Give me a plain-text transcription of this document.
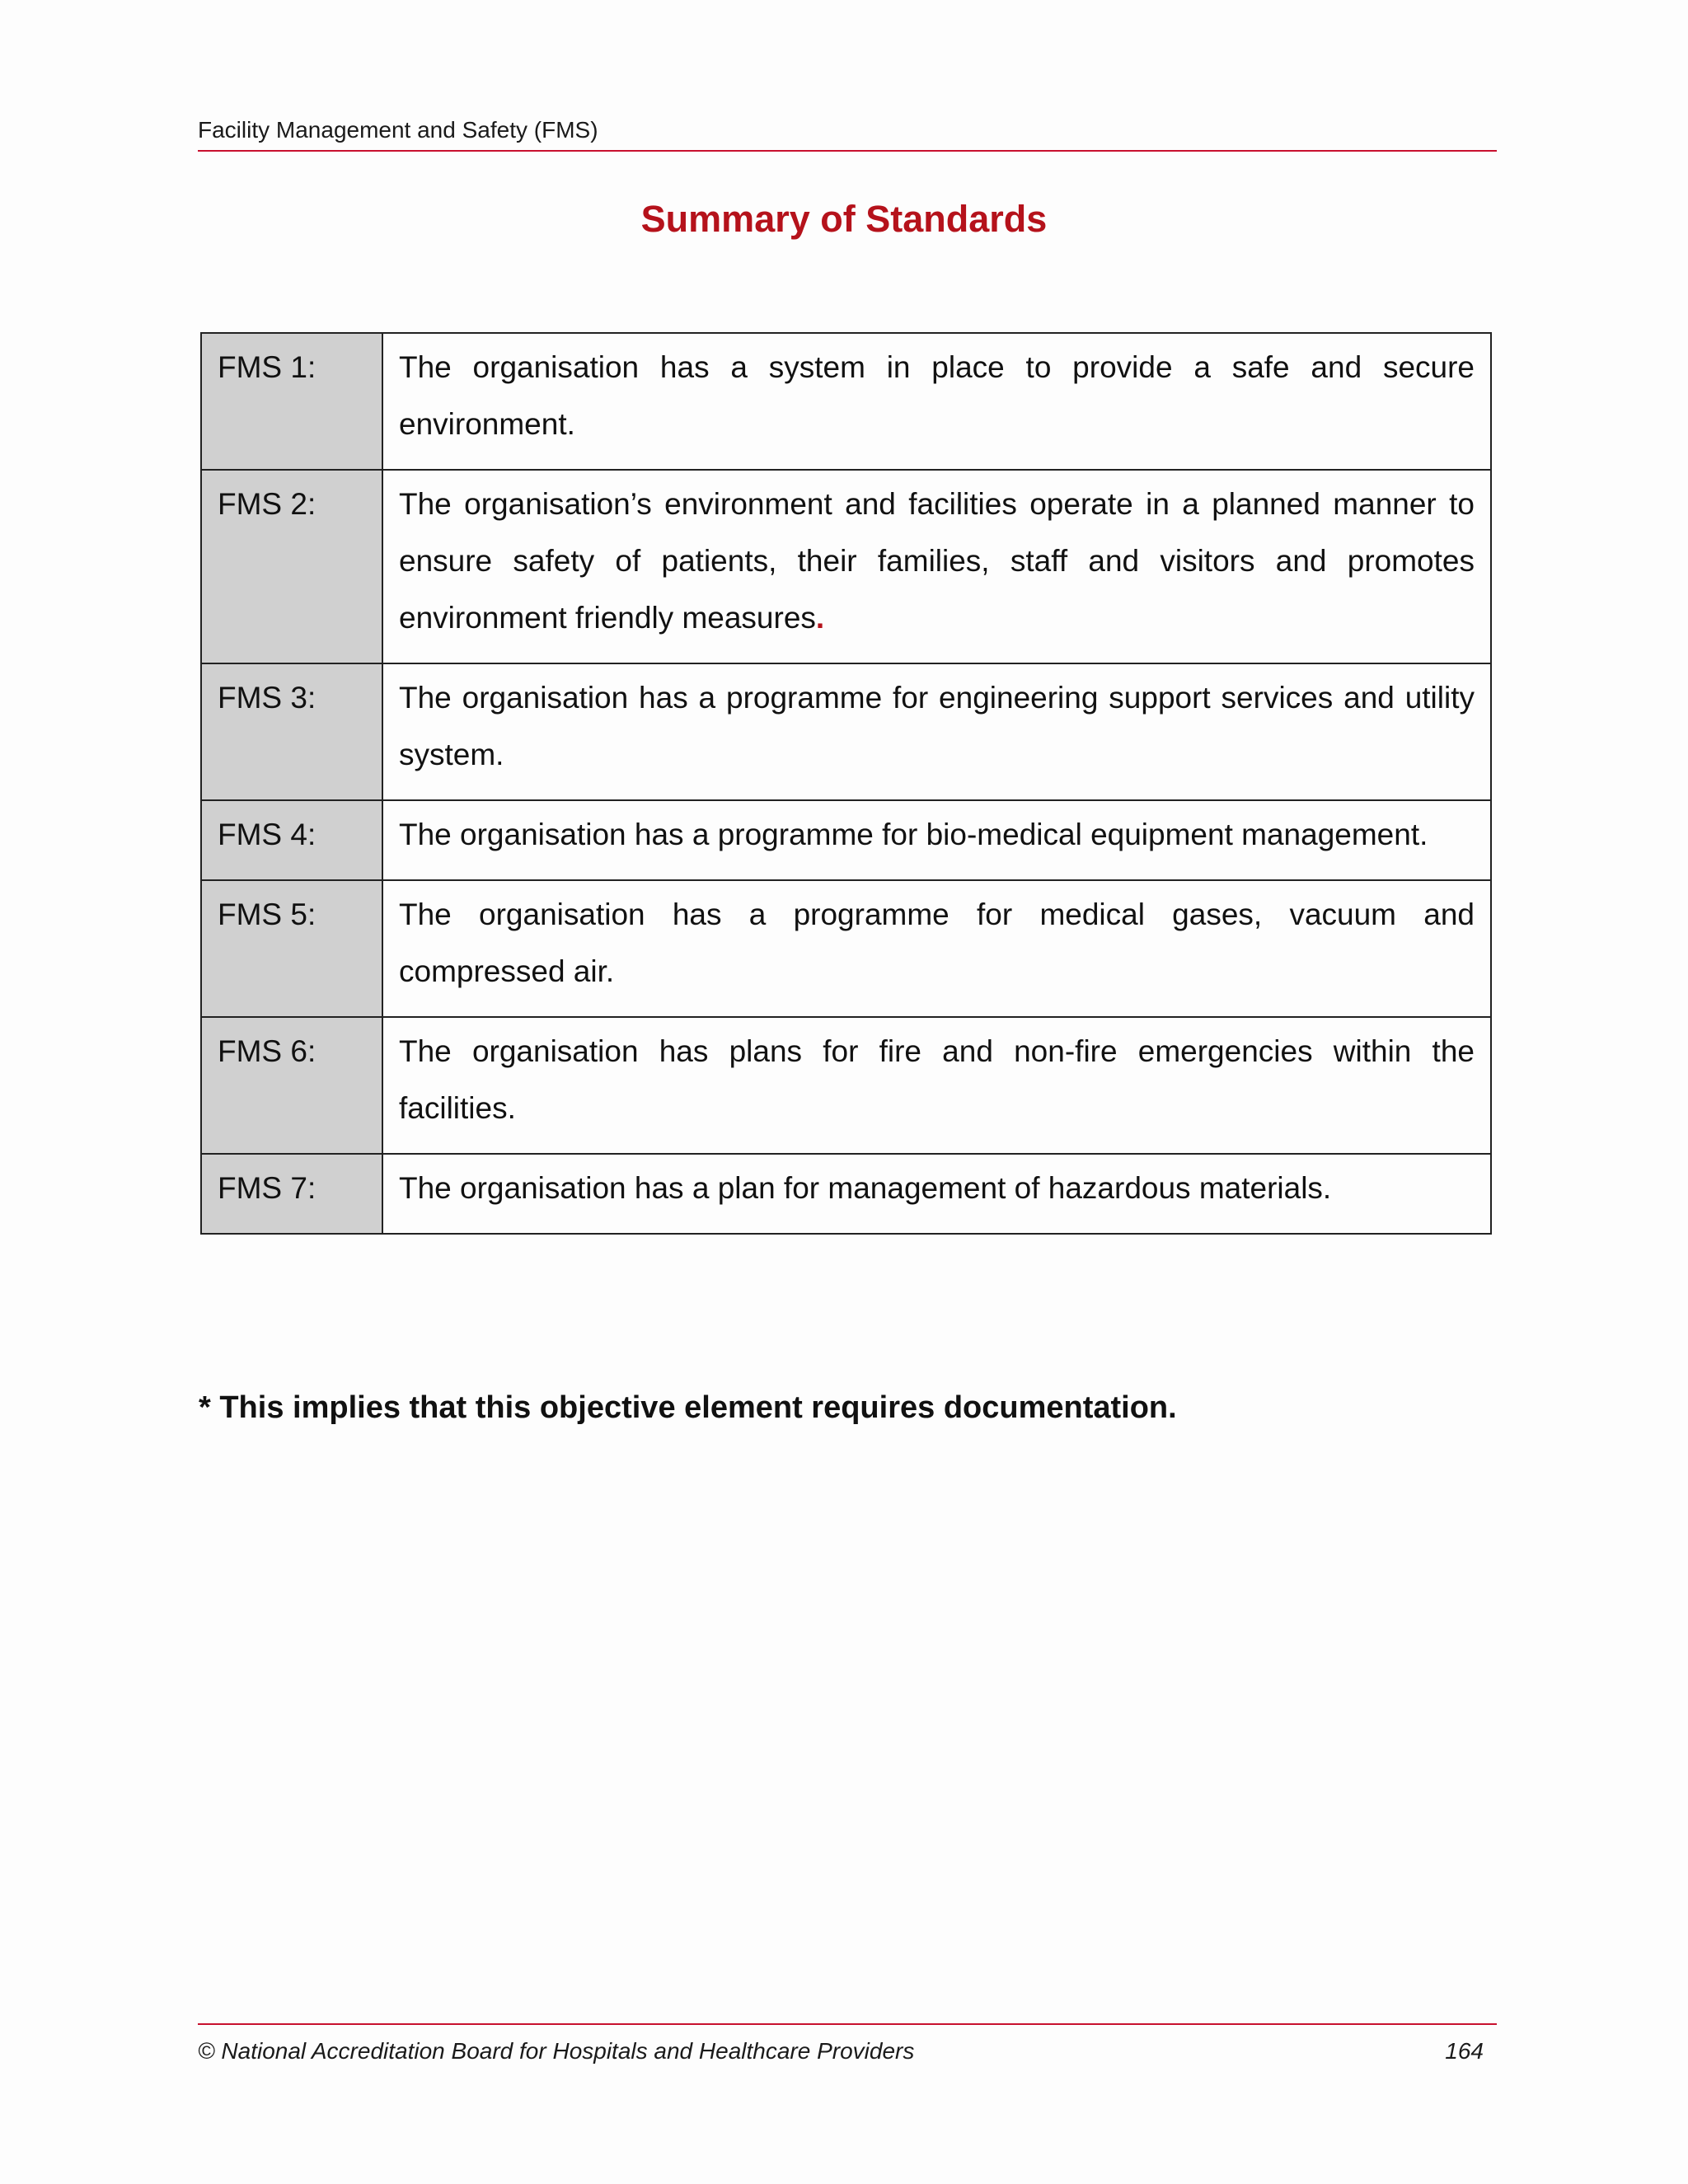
Facility Management and Safety (FMS)
Summary of Standards
FMS 1:	The organisation has a system in place to provide a safe and secure environment.
FMS 2:	The organisation’s environment and facilities operate in a planned manner to ensure safety of patients, their families, staff and visitors and promotes environment friendly measures.
FMS 3:	The organisation has a programme for engineering support services and utility system.
FMS 4:	The organisation has a programme for bio-medical equipment management.
FMS 5:	The organisation has a programme for medical gases, vacuum and compressed air.
FMS 6:	The organisation has plans for fire and non-fire emergencies within the facilities.
FMS 7:	The organisation has a plan for management of hazardous materials.
* This implies that this objective element requires documentation.
© National Accreditation Board for Hospitals and Healthcare Providers	164
